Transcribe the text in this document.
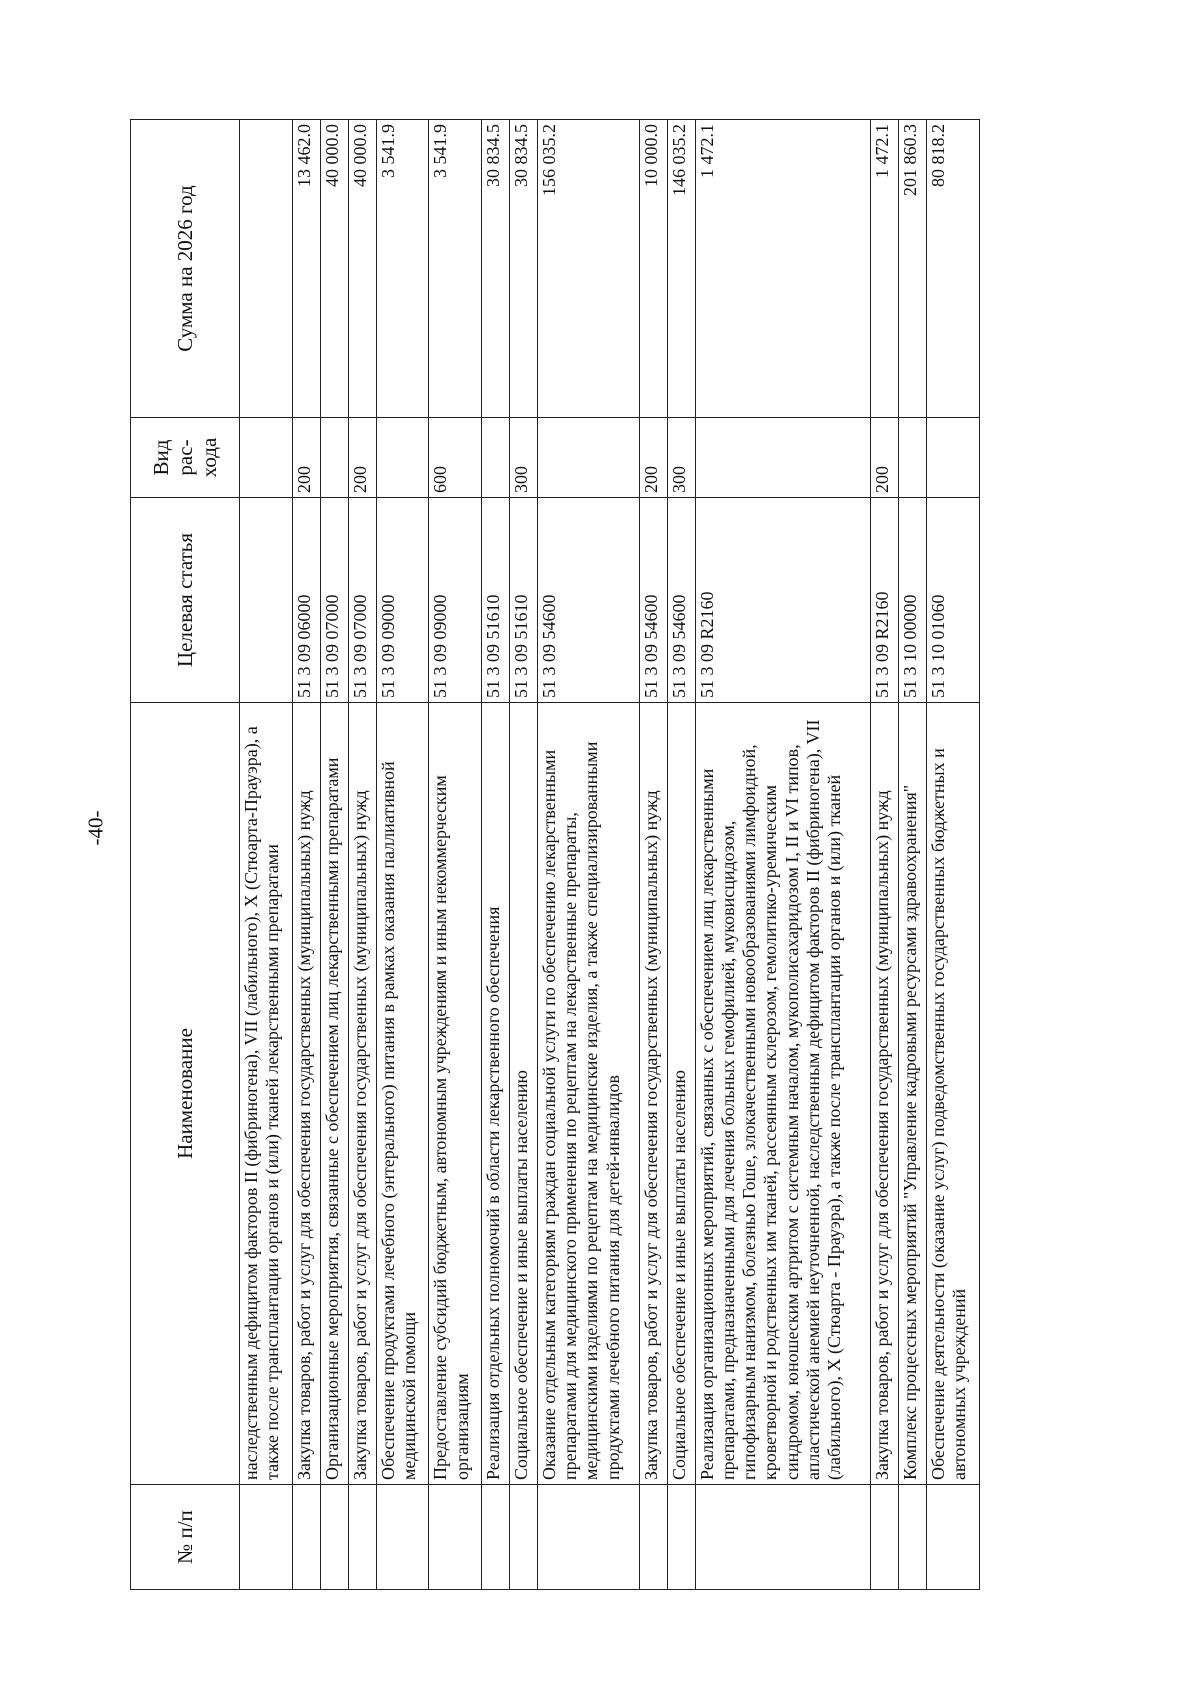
-40-
№ п/п	Наименование	Целевая статья	Вид рас-хода	Сумма на 2026 год
	наследственным дефицитом факторов II (фибриногена), VII (лабильного), X (Стюарта-Прауэра), а также после трансплантации органов и (или) тканей лекарственными препаратами			
	Закупка товаров, работ и услуг для обеспечения государственных (муниципальных) нужд	51 3 09 06000	200	13 462.0
	Организационные мероприятия, связанные с обеспечением лиц лекарственными препаратами	51 3 09 07000		40 000.0
	Закупка товаров, работ и услуг для обеспечения государственных (муниципальных) нужд	51 3 09 07000	200	40 000.0
	Обеспечение продуктами лечебного (энтерального) питания в рамках оказания паллиативной медицинской помощи	51 3 09 09000		3 541.9
	Предоставление субсидий бюджетным, автономным учреждениям и иным некоммерческим организациям	51 3 09 09000	600	3 541.9
	Реализация отдельных полномочий в области лекарственного обеспечения	51 3 09 51610		30 834.5
	Социальное обеспечение и иные выплаты населению	51 3 09 51610	300	30 834.5
	Оказание отдельным категориям граждан социальной услуги по обеспечению лекарственными препаратами для медицинского применения по рецептам на лекарственные препараты, медицинскими изделиями по рецептам на медицинские изделия, а также специализированными продуктами лечебного питания для детей-инвалидов	51 3 09 54600		156 035.2
	Закупка товаров, работ и услуг для обеспечения государственных (муниципальных) нужд	51 3 09 54600	200	10 000.0
	Социальное обеспечение и иные выплаты населению	51 3 09 54600	300	146 035.2
	Реализация организационных мероприятий, связанных с обеспечением лиц лекарственными препаратами, предназначенными для лечения больных гемофилией, муковисцидозом, гипофизарным нанизмом, болезнью Гоше, злокачественными новообразованиями лимфоидной, кроветворной и родственных им тканей, рассеянным склерозом, гемолитико-уремическим синдромом, юношеским артритом с системным началом, мукополисахаридозом I, II и VI типов, апластической анемией неуточненной, наследственным дефицитом факторов II (фибриногена), VII (лабильного), X (Стюарта - Прауэра), а также после трансплантации органов и (или) тканей	51 3 09 R2160		1 472.1
	Закупка товаров, работ и услуг для обеспечения государственных (муниципальных) нужд	51 3 09 R2160	200	1 472.1
	Комплекс процессных мероприятий "Управление кадровыми ресурсами здравоохранения"	51 3 10 00000		201 860.3
	Обеспечение деятельности (оказание услуг) подведомственных государственных бюджетных и автономных учреждений	51 3 10 01060		80 818.2
